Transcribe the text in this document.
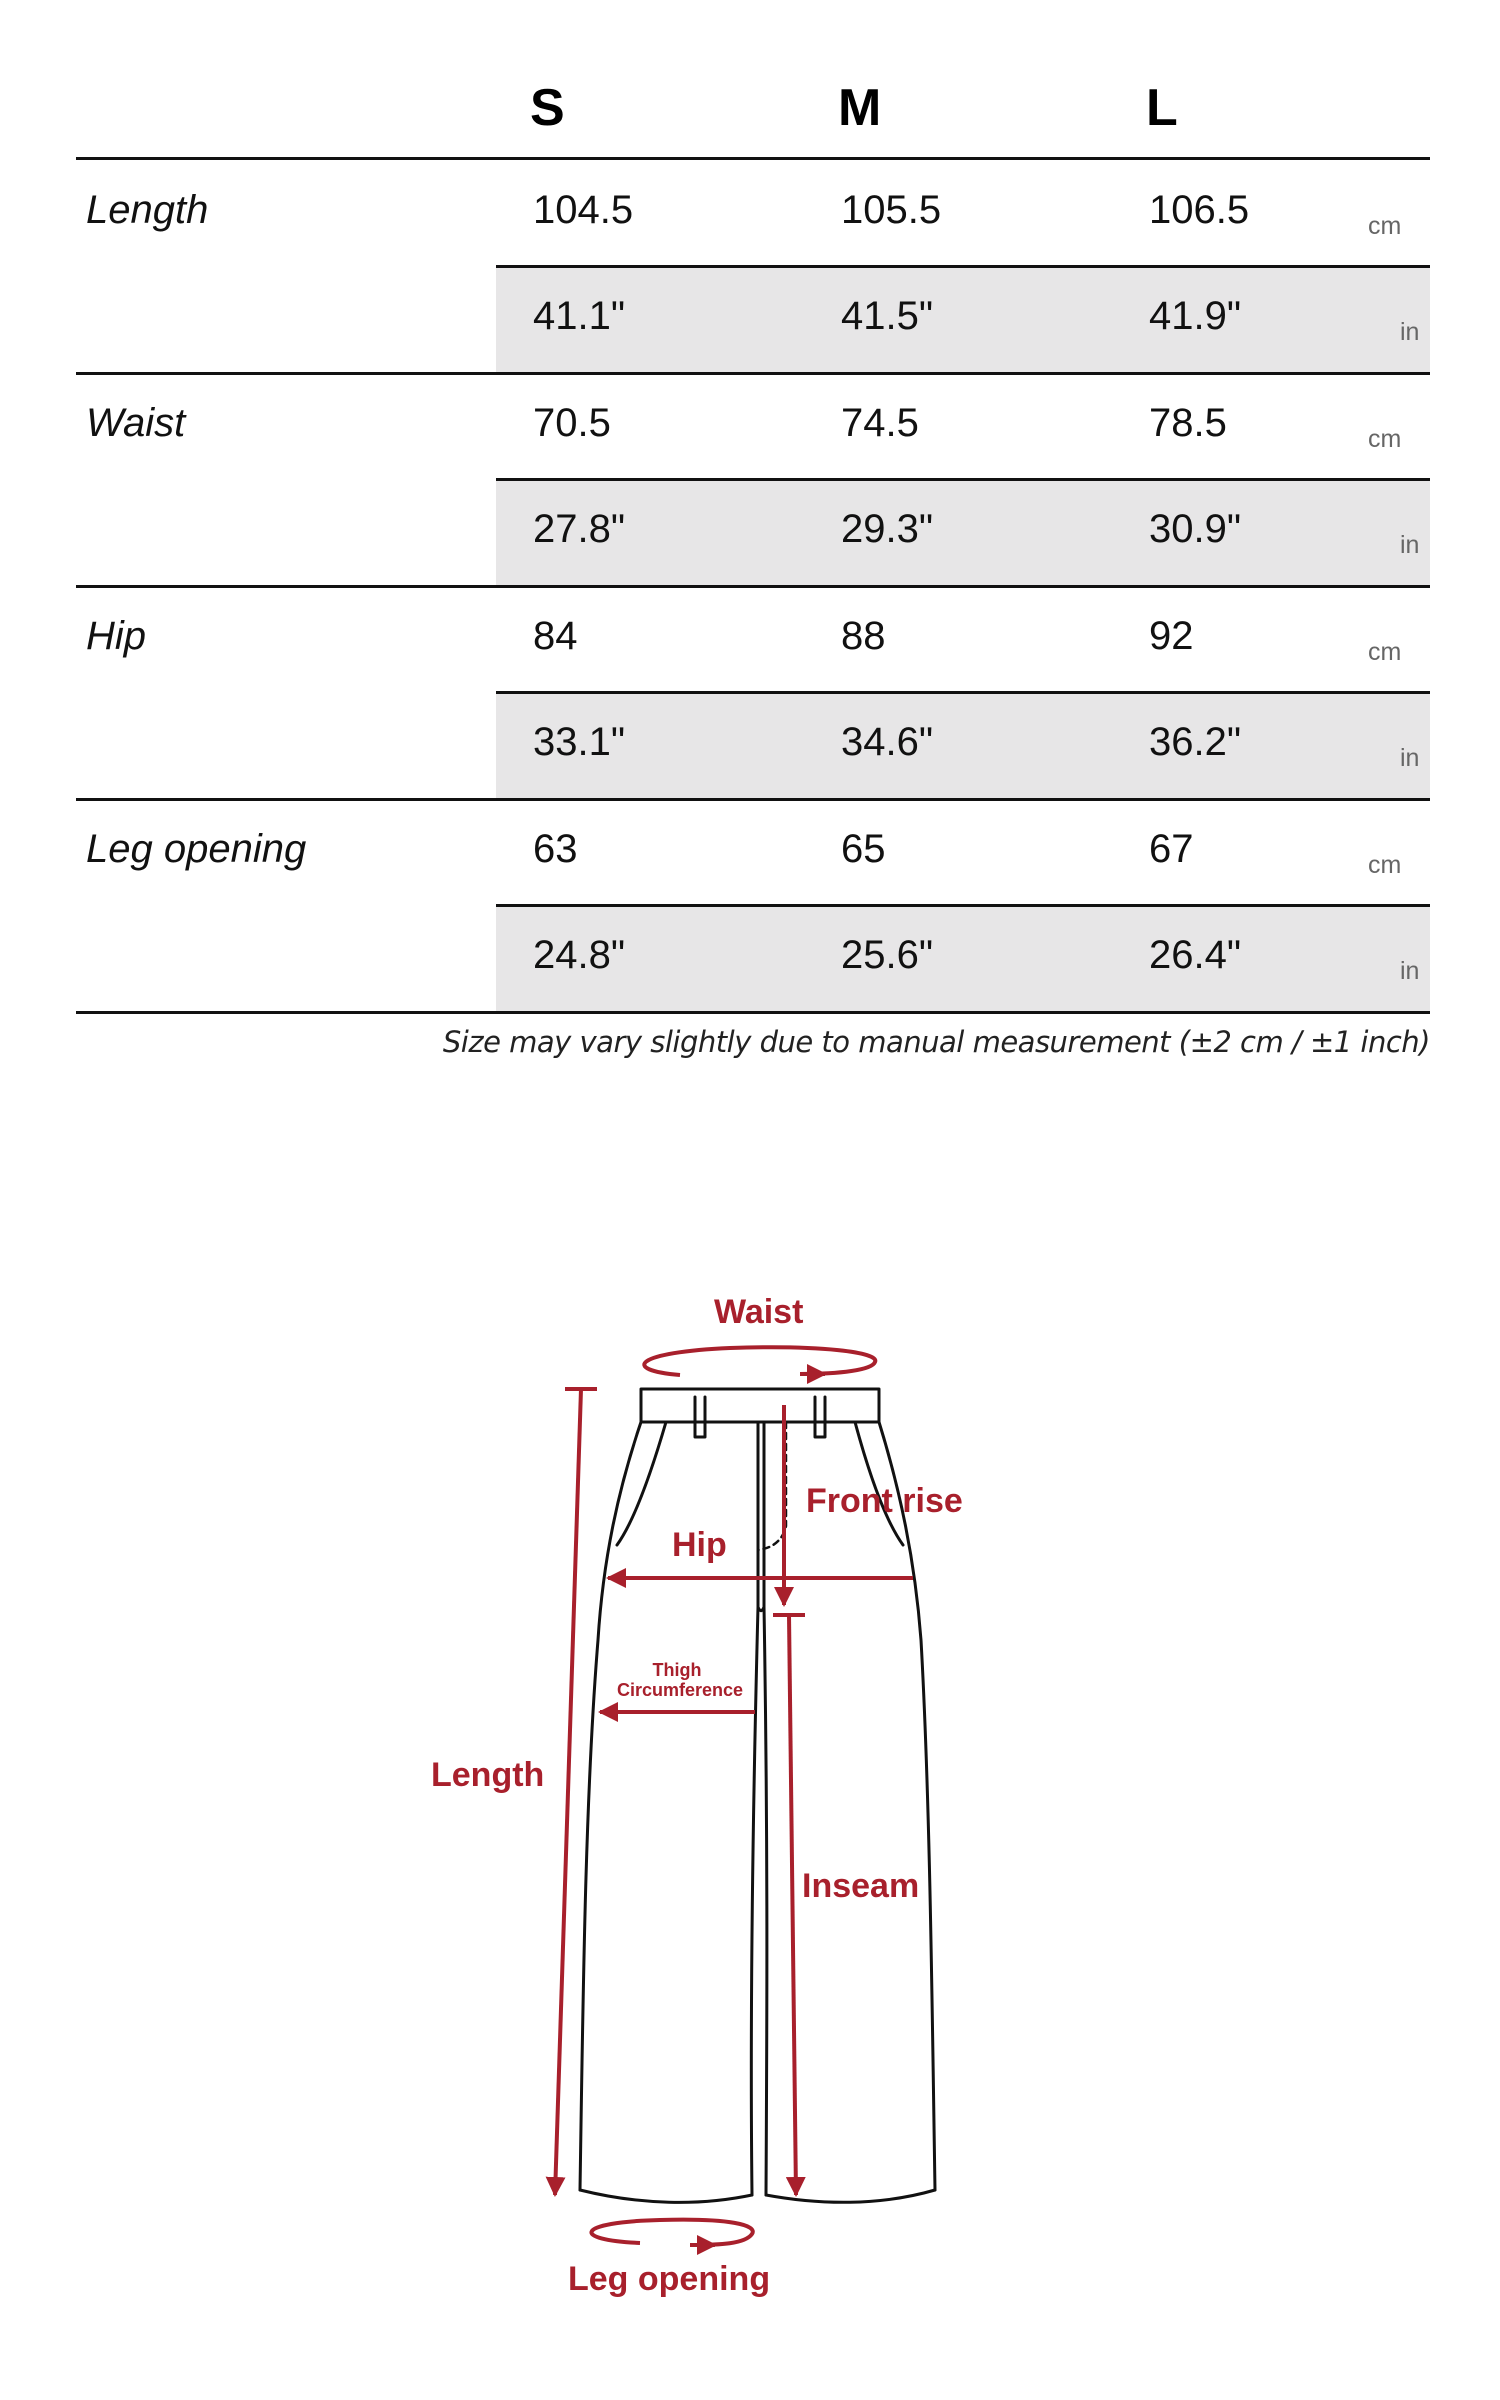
S	M	L
Length	104.5	105.5	106.5	cm
41.1"	41.5"	41.9"	in
Waist	70.5	74.5	78.5	cm
27.8"	29.3"	30.9"	in
Hip	84	88	92	cm
33.1"	34.6"	36.2"	in
Leg opening	63	65	67	cm
24.8"	25.6"	26.4"	in
Size may vary slightly due to manual measurement (±2 cm / ±1 inch)
Waist
Front rise
Hip
Thigh
Circumference
Length
Inseam
Leg opening
